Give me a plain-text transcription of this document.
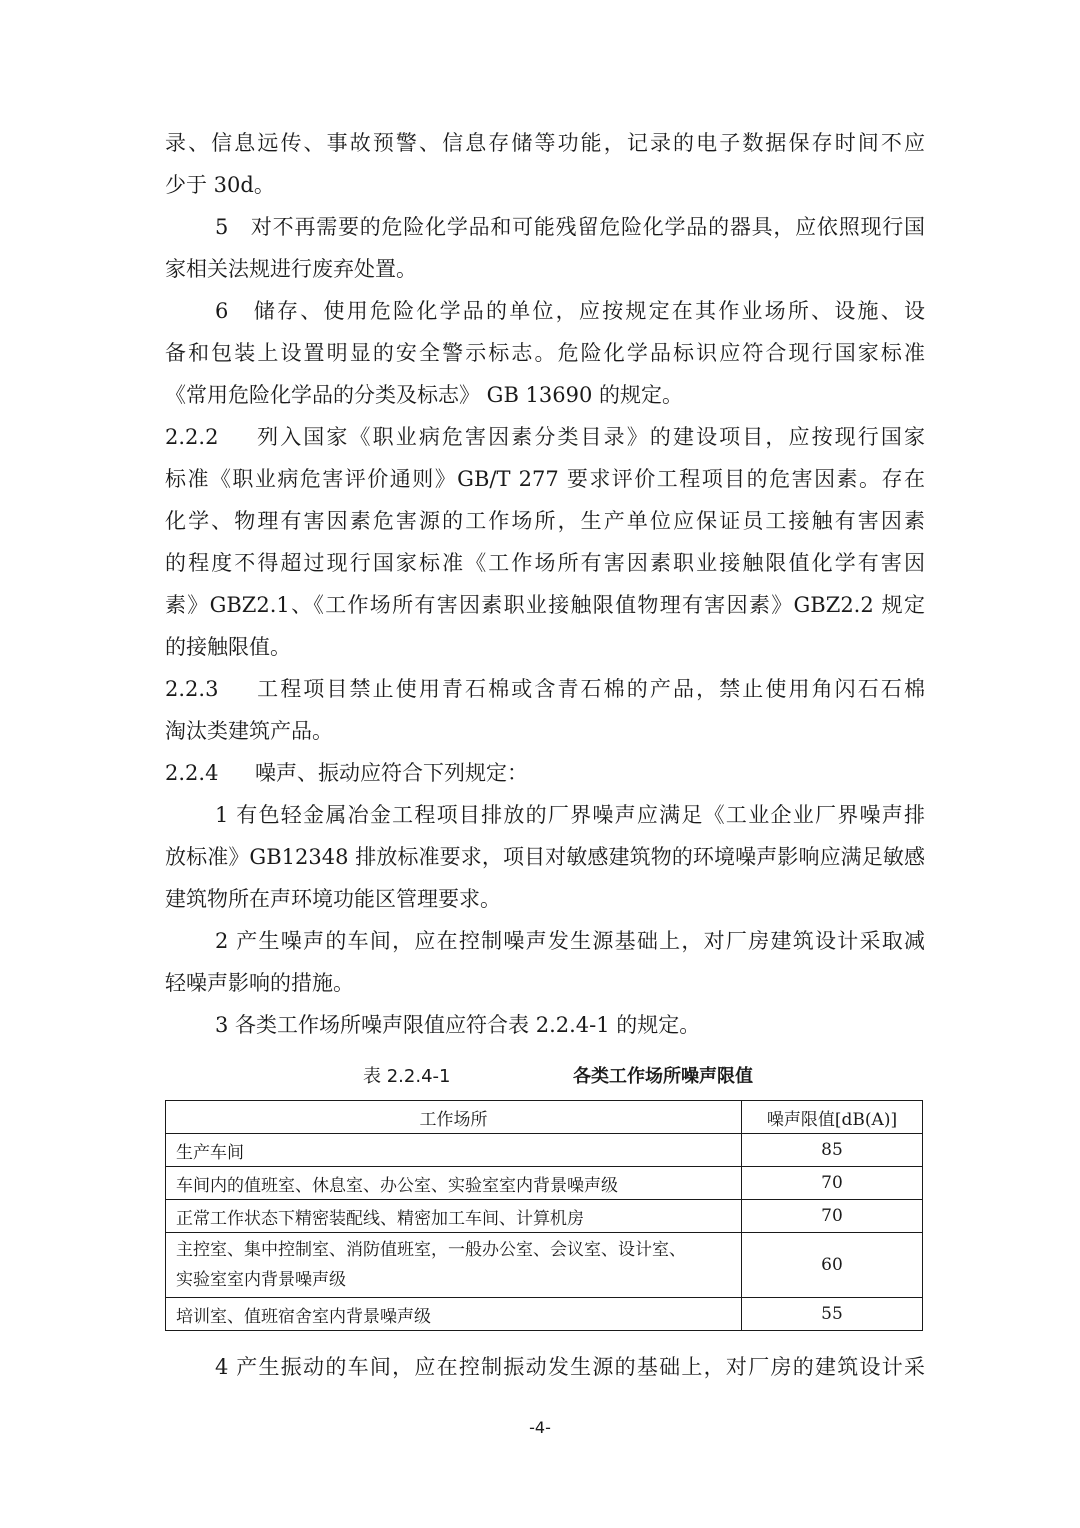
录、信息远传、事故预警、信息存储等功能，记录的电子数据保存时间不应

少于 30d。

5　对不再需要的危险化学品和可能残留危险化学品的器具，应依照现行国

家相关法规进行废弃处置。

6　储存、使用危险化学品的单位，应按规定在其作业场所、设施、设

备和包装上设置明显的安全警示标志。危险化学品标识应符合现行国家标准

《常用危险化学品的分类及标志》 GB 13690 的规定。

2.2.2 列入国家《职业病危害因素分类目录》的建设项目，应按现行国家

标准《职业病危害评价通则》GB/T 277 要求评价工程项目的危害因素。存在

化学、物理有害因素危害源的工作场所，生产单位应保证员工接触有害因素

的程度不得超过现行国家标准《工作场所有害因素职业接触限值化学有害因

素》GBZ2.1、《工作场所有害因素职业接触限值物理有害因素》GBZ2.2 规定

的接触限值。

2.2.3 工程项目禁止使用青石棉或含青石棉的产品，禁止使用角闪石石棉

淘汰类建筑产品。

2.2.4 噪声、振动应符合下列规定：

1 有色轻金属冶金工程项目排放的厂界噪声应满足《工业企业厂界噪声排

放标准》GB12348 排放标准要求，项目对敏感建筑物的环境噪声影响应满足敏感

建筑物所在声环境功能区管理要求。

2 产生噪声的车间，应在控制噪声发生源基础上，对厂房建筑设计采取减

轻噪声影响的措施。

3 各类工作场所噪声限值应符合表 2.2.4-1 的规定。

表 2.2.4-1	各类工作场所噪声限值
工作场所	噪声限值[dB(A)]
生产车间	85
车间内的值班室、休息室、办公室、实验室室内背景噪声级	70
正常工作状态下精密装配线、精密加工车间、计算机房	70
主控室、集中控制室、消防值班室，一般办公室、会议室、设计室、
实验室室内背景噪声级	60
培训室、值班宿舍室内背景噪声级	55

4 产生振动的车间，应在控制振动发生源的基础上，对厂房的建筑设计采

-4-
